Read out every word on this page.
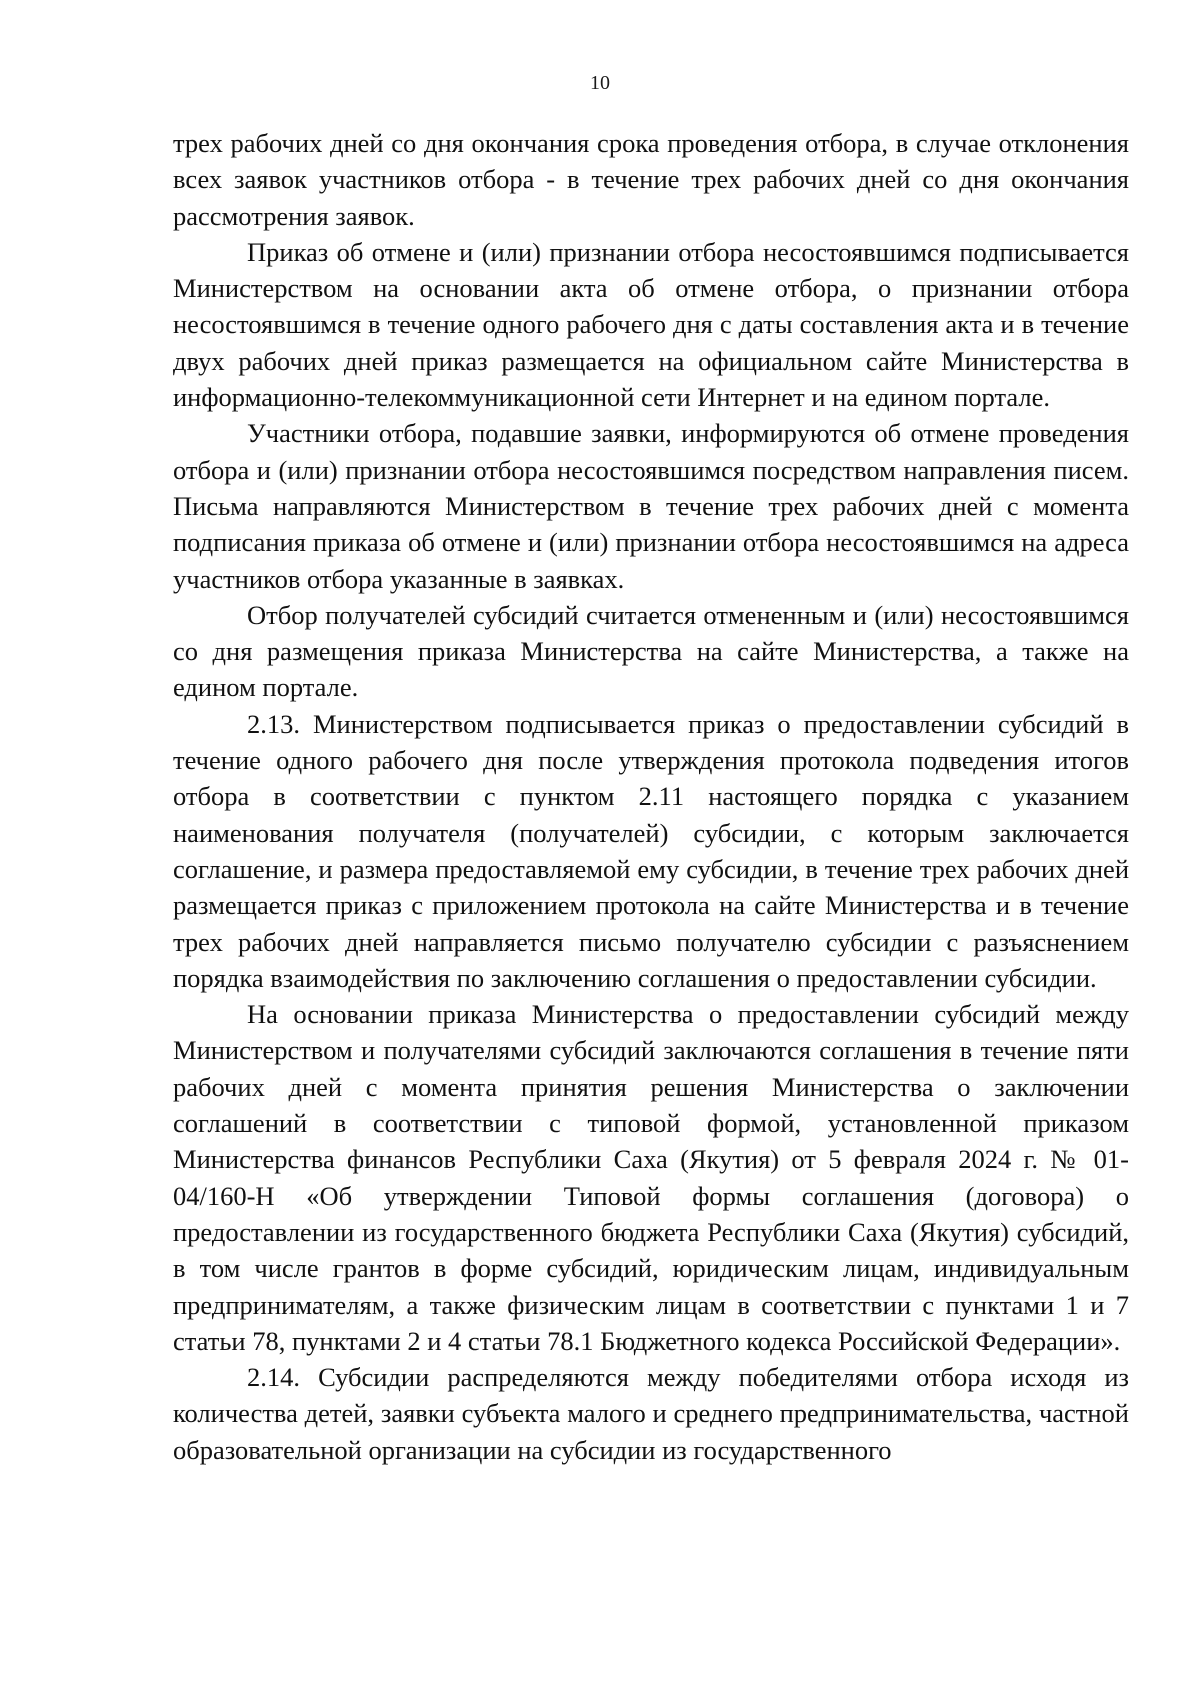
10

трех рабочих дней со дня окончания срока проведения отбора, в случае отклонения всех заявок участников отбора - в течение трех рабочих дней со дня окончания рассмотрения заявок.

Приказ об отмене и (или) признании отбора несостоявшимся подписывается Министерством на основании акта об отмене отбора, о признании отбора несостоявшимся в течение одного рабочего дня с даты составления акта и в течение двух рабочих дней приказ размещается на официальном сайте Министерства в информационно-телекоммуникационной сети Интернет и на едином портале.

Участники отбора, подавшие заявки, информируются об отмене проведения отбора и (или) признании отбора несостоявшимся посредством направления писем. Письма направляются Министерством в течение трех рабочих дней с момента подписания приказа об отмене и (или) признании отбора несостоявшимся на адреса участников отбора указанные в заявках.

Отбор получателей субсидий считается отмененным и (или) несостоявшимся со дня размещения приказа Министерства на сайте Министерства, а также на едином портале.

2.13. Министерством подписывается приказ о предоставлении субсидий в течение одного рабочего дня после утверждения протокола подведения итогов отбора в соответствии с пунктом 2.11 настоящего порядка с указанием наименования получателя (получателей) субсидии, с которым заключается соглашение, и размера предоставляемой ему субсидии, в течение трех рабочих дней размещается приказ с приложением протокола на сайте Министерства и в течение трех рабочих дней направляется письмо получателю субсидии с разъяснением порядка взаимодействия по заключению соглашения о предоставлении субсидии.

На основании приказа Министерства о предоставлении субсидий между Министерством и получателями субсидий заключаются соглашения в течение пяти рабочих дней с момента принятия решения Министерства о заключении соглашений в соответствии с типовой формой, установленной приказом Министерства финансов Республики Саха (Якутия) от 5 февраля 2024 г. № 01-04/160-Н «Об утверждении Типовой формы соглашения (договора) о предоставлении из государственного бюджета Республики Саха (Якутия) субсидий, в том числе грантов в форме субсидий, юридическим лицам, индивидуальным предпринимателям, а также физическим лицам в соответствии с пунктами 1 и 7 статьи 78, пунктами 2 и 4 статьи 78.1 Бюджетного кодекса Российской Федерации».

2.14. Субсидии распределяются между победителями отбора исходя из количества детей, заявки субъекта малого и среднего предпринимательства, частной образовательной организации на субсидии из государственного
